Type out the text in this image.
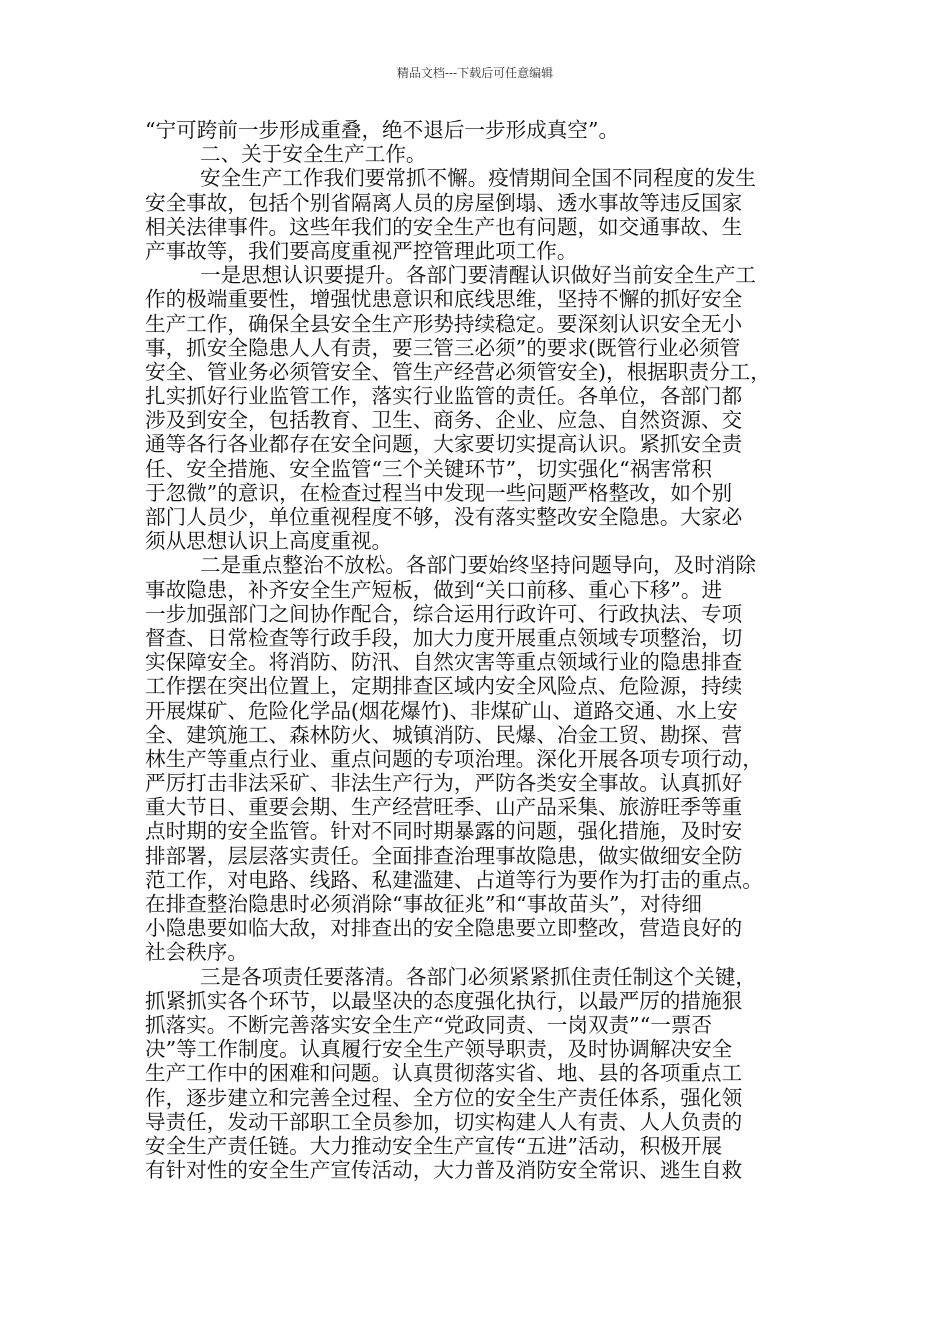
精品文档---下载后可任意编辑
“宁可跨前一步形成重叠，绝不退后一步形成真空”。
二、关于安全生产工作。
安全生产工作我们要常抓不懈。疫情期间全国不同程度的发生
安全事故，包括个别省隔离人员的房屋倒塌、透水事故等违反国家
相关法律事件。这些年我们的安全生产也有问题，如交通事故、生
产事故等，我们要高度重视严控管理此项工作。
一是思想认识要提升。各部门要清醒认识做好当前安全生产工
作的极端重要性，增强忧患意识和底线思维，坚持不懈的抓好安全
生产工作，确保全县安全生产形势持续稳定。要深刻认识安全无小
事，抓安全隐患人人有责，要三管三必须”的要求(既管行业必须管
安全、管业务必须管安全、管生产经营必须管安全)，根据职责分工，
扎实抓好行业监管工作，落实行业监管的责任。各单位，各部门都
涉及到安全，包括教育、卫生、商务、企业、应急、自然资源、交
通等各行各业都存在安全问题，大家要切实提高认识。紧抓安全责
任、安全措施、安全监管“三个关键环节”，切实强化“祸害常积
于忽微”的意识，在检查过程当中发现一些问题严格整改，如个别
部门人员少，单位重视程度不够，没有落实整改安全隐患。大家必
须从思想认识上高度重视。
二是重点整治不放松。各部门要始终坚持问题导向，及时消除
事故隐患，补齐安全生产短板，做到“关口前移、重心下移”。进
一步加强部门之间协作配合，综合运用行政许可、行政执法、专项
督查、日常检查等行政手段，加大力度开展重点领域专项整治，切
实保障安全。将消防、防汛、自然灾害等重点领域行业的隐患排查
工作摆在突出位置上，定期排查区域内安全风险点、危险源，持续
开展煤矿、危险化学品(烟花爆竹)、非煤矿山、道路交通、水上安
全、建筑施工、森林防火、城镇消防、民爆、冶金工贸、勘探、营
林生产等重点行业、重点问题的专项治理。深化开展各项专项行动，
严厉打击非法采矿、非法生产行为，严防各类安全事故。认真抓好
重大节日、重要会期、生产经营旺季、山产品采集、旅游旺季等重
点时期的安全监管。针对不同时期暴露的问题，强化措施，及时安
排部署，层层落实责任。全面排查治理事故隐患，做实做细安全防
范工作，对电路、线路、私建滥建、占道等行为要作为打击的重点。
在排查整治隐患时必须消除“事故征兆”和“事故苗头”，对待细
小隐患要如临大敌，对排查出的安全隐患要立即整改，营造良好的
社会秩序。
三是各项责任要落清。各部门必须紧紧抓住责任制这个关键，
抓紧抓实各个环节，以最坚决的态度强化执行，以最严厉的措施狠
抓落实。不断完善落实安全生产“党政同责、一岗双责”“一票否
决”等工作制度。认真履行安全生产领导职责，及时协调解决安全
生产工作中的困难和问题。认真贯彻落实省、地、县的各项重点工
作，逐步建立和完善全过程、全方位的安全生产责任体系，强化领
导责任，发动干部职工全员参加，切实构建人人有责、人人负责的
安全生产责任链。大力推动安全生产宣传“五进”活动，积极开展
有针对性的安全生产宣传活动，大力普及消防安全常识、逃生自救
